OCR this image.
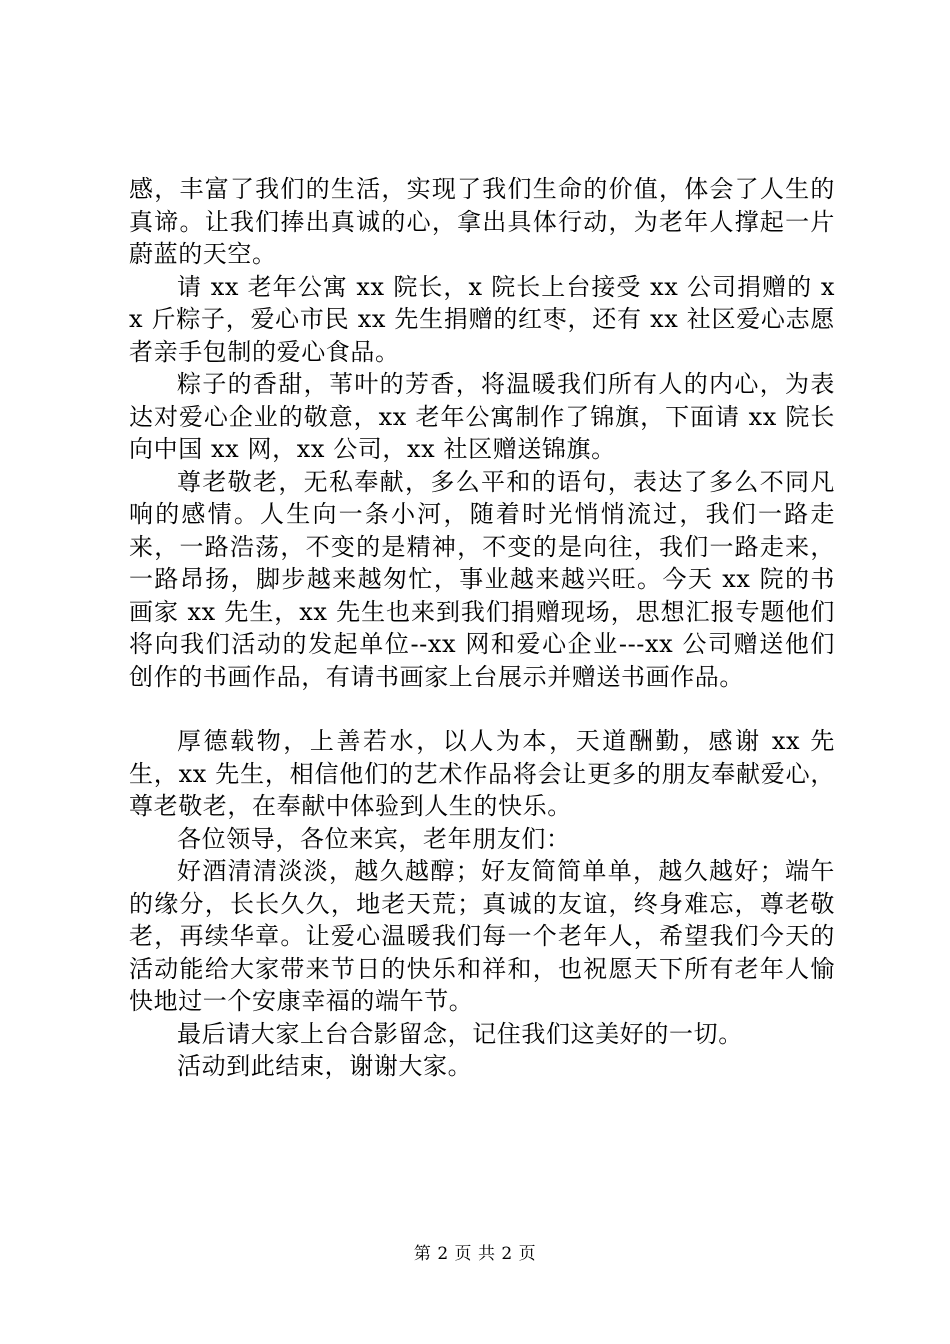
感，丰富了我们的生活，实现了我们生命的价值，体会了人生的真谛。让我们捧出真诚的心，拿出具体行动，为老年人撑起一片蔚蓝的天空。

请 xx 老年公寓 xx 院长，x 院长上台接受 xx 公司捐赠的 xx 斤粽子，爱心市民 xx 先生捐赠的红枣，还有 xx 社区爱心志愿者亲手包制的爱心食品。

粽子的香甜，苇叶的芳香，将温暖我们所有人的内心，为表达对爱心企业的敬意，xx 老年公寓制作了锦旗，下面请 xx 院长向中国 xx 网，xx 公司，xx 社区赠送锦旗。

尊老敬老，无私奉献，多么平和的语句，表达了多么不同凡响的感情。人生向一条小河，随着时光悄悄流过，我们一路走来，一路浩荡，不变的是精神，不变的是向往，我们一路走来，一路昂扬，脚步越来越匆忙，事业越来越兴旺。今天 xx 院的书画家 xx 先生，xx 先生也来到我们捐赠现场，思想汇报专题他们将向我们活动的发起单位--xx 网和爱心企业---xx 公司赠送他们创作的书画作品，有请书画家上台展示并赠送书画作品。

厚德载物，上善若水，以人为本，天道酬勤，感谢 xx 先生，xx 先生，相信他们的艺术作品将会让更多的朋友奉献爱心，尊老敬老，在奉献中体验到人生的快乐。

各位领导，各位来宾，老年朋友们：

好酒清清淡淡，越久越醇；好友简简单单，越久越好；端午的缘分，长长久久，地老天荒；真诚的友谊，终身难忘，尊老敬老，再续华章。让爱心温暖我们每一个老年人，希望我们今天的活动能给大家带来节日的快乐和祥和，也祝愿天下所有老年人愉快地过一个安康幸福的端午节。

最后请大家上台合影留念，记住我们这美好的一切。

活动到此结束，谢谢大家。

第 2 页 共 2 页
